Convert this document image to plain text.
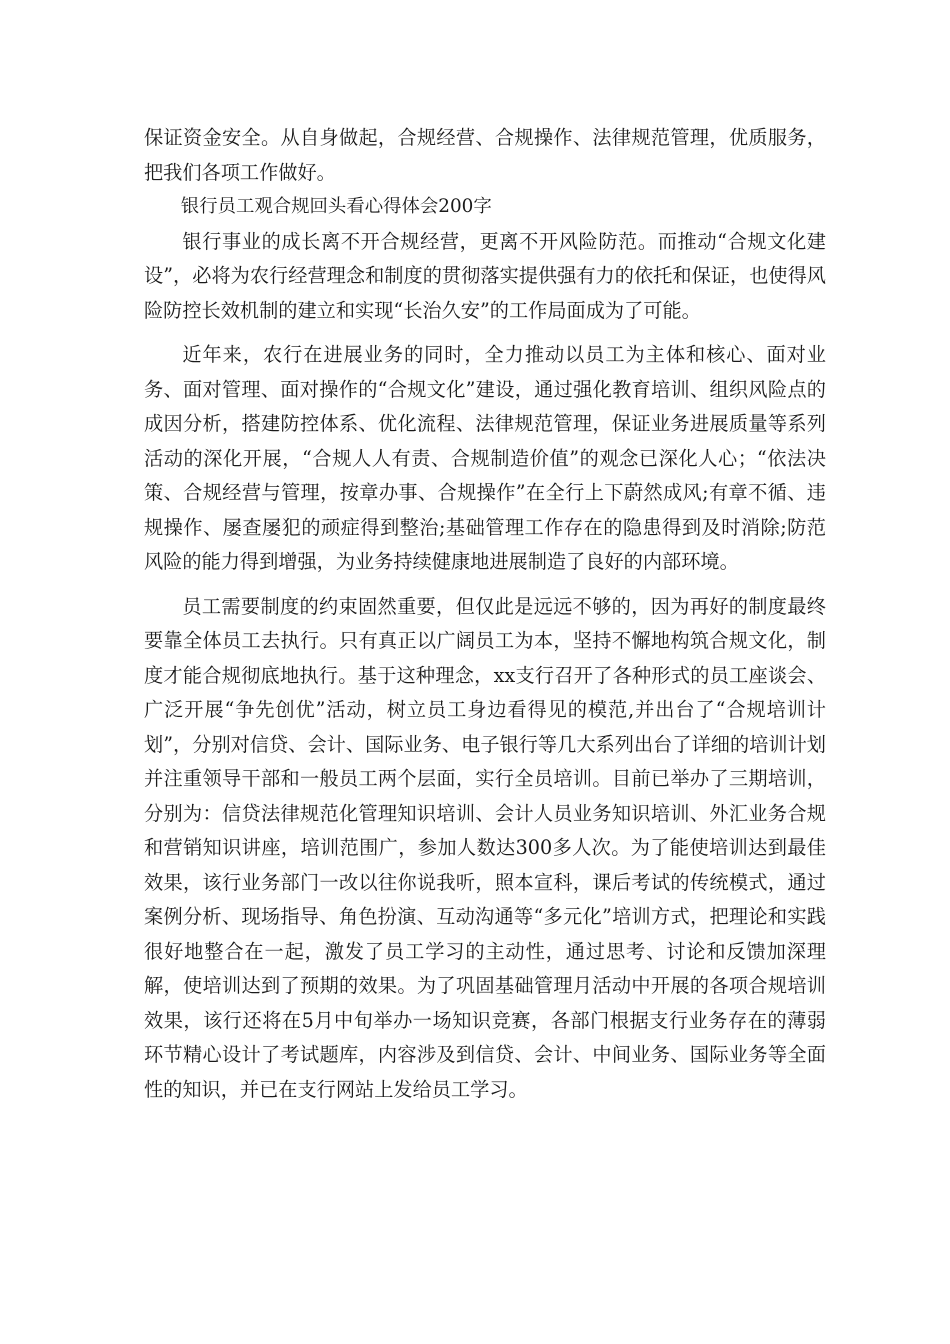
保证资金安全。从自身做起，合规经营、合规操作、法律规范管理，优质服务，把我们各项工作做好。

银行员工观合规回头看心得体会200字

银行事业的成长离不开合规经营，更离不开风险防范。而推动“合规文化建设”，必将为农行经营理念和制度的贯彻落实提供强有力的依托和保证，也使得风险防控长效机制的建立和实现“长治久安”的工作局面成为了可能。

近年来，农行在进展业务的同时，全力推动以员工为主体和核心、面对业务、面对管理、面对操作的“合规文化”建设，通过强化教育培训、组织风险点的成因分析，搭建防控体系、优化流程、法律规范管理，保证业务进展质量等系列活动的深化开展，“合规人人有责、合规制造价值”的观念已深化人心；“依法决策、合规经营与管理，按章办事、合规操作”在全行上下蔚然成风;有章不循、违规操作、屡查屡犯的顽症得到整治;基础管理工作存在的隐患得到及时消除;防范风险的能力得到增强，为业务持续健康地进展制造了良好的内部环境。

员工需要制度的约束固然重要，但仅此是远远不够的，因为再好的制度最终要靠全体员工去执行。只有真正以广阔员工为本，坚持不懈地构筑合规文化，制度才能合规彻底地执行。基于这种理念，xx支行召开了各种形式的员工座谈会、广泛开展“争先创优”活动，树立员工身边看得见的模范,并出台了“合规培训计划”，分别对信贷、会计、国际业务、电子银行等几大系列出台了详细的培训计划并注重领导干部和一般员工两个层面，实行全员培训。目前已举办了三期培训，分别为：信贷法律规范化管理知识培训、会计人员业务知识培训、外汇业务合规和营销知识讲座，培训范围广，参加人数达300多人次。为了能使培训达到最佳效果，该行业务部门一改以往你说我听，照本宣科，课后考试的传统模式，通过案例分析、现场指导、角色扮演、互动沟通等“多元化”培训方式，把理论和实践很好地整合在一起，激发了员工学习的主动性，通过思考、讨论和反馈加深理解，使培训达到了预期的效果。为了巩固基础管理月活动中开展的各项合规培训效果，该行还将在5月中旬举办一场知识竞赛，各部门根据支行业务存在的薄弱环节精心设计了考试题库，内容涉及到信贷、会计、中间业务、国际业务等全面性的知识，并已在支行网站上发给员工学习。
